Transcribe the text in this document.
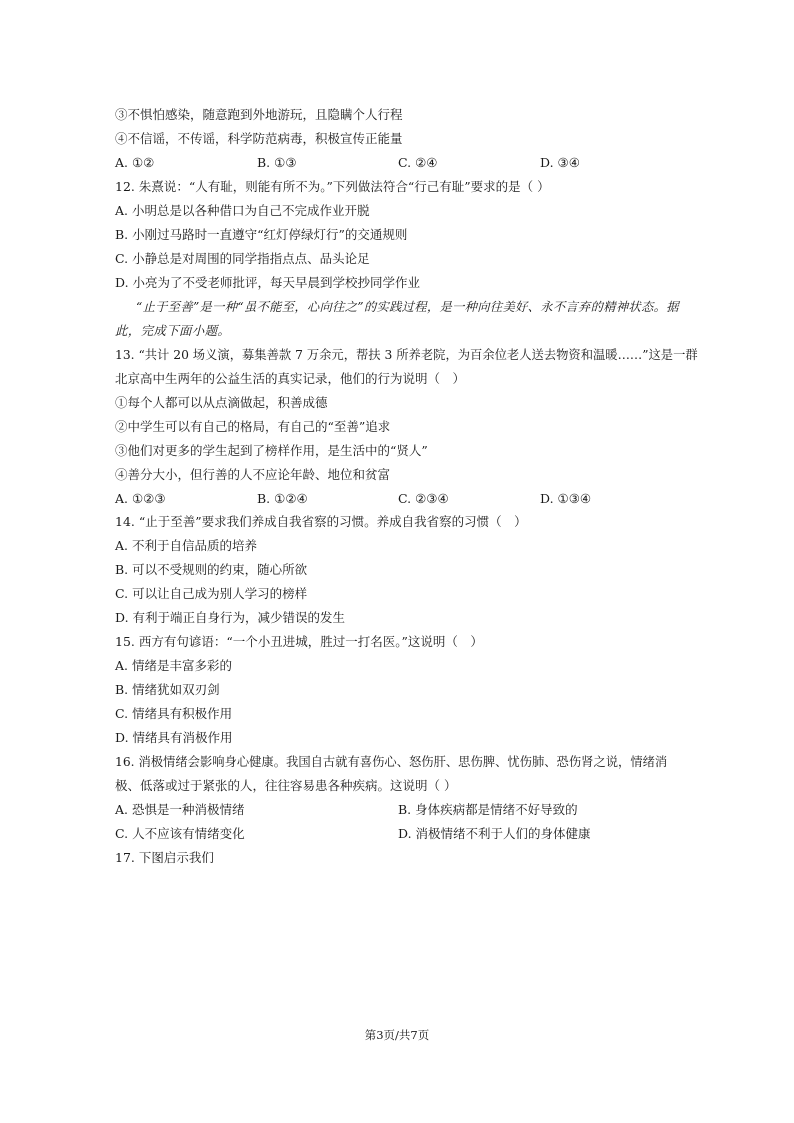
③不惧怕感染，随意跑到外地游玩，且隐瞒个人行程
④不信谣，不传谣，科学防范病毒，积极宣传正能量
A. ①②	B. ①③	C. ②④	D. ③④
12. 朱熹说：“人有耻，则能有所不为。”下列做法符合“行己有耻”要求的是（ ）
A. 小明总是以各种借口为自己不完成作业开脱
B. 小刚过马路时一直遵守“红灯停绿灯行”的交通规则
C. 小静总是对周围的同学指指点点、品头论足
D. 小亮为了不受老师批评，每天早晨到学校抄同学作业
“止于至善”是一种“虽不能至，心向往之”的实践过程，是一种向往美好、永不言弃的精神状态。据
此，完成下面小题。
13. “共计 20 场义演，募集善款 7 万余元，帮扶 3 所养老院，为百余位老人送去物资和温暖……”这是一群
北京高中生两年的公益生活的真实记录，他们的行为说明（　）
①每个人都可以从点滴做起，积善成德
②中学生可以有自己的格局，有自己的“至善”追求
③他们对更多的学生起到了榜样作用，是生活中的“贤人”
④善分大小，但行善的人不应论年龄、地位和贫富
A. ①②③	B. ①②④	C. ②③④	D. ①③④
14. “止于至善”要求我们养成自我省察的习惯。养成自我省察的习惯（　）
A. 不利于自信品质的培养
B. 可以不受规则的约束，随心所欲
C. 可以让自己成为别人学习的榜样
D. 有利于端正自身行为，减少错误的发生
15. 西方有句谚语：“一个小丑进城，胜过一打名医。”这说明（　）
A. 情绪是丰富多彩的
B. 情绪犹如双刃剑
C. 情绪具有积极作用
D. 情绪具有消极作用
16. 消极情绪会影响身心健康。我国自古就有喜伤心、怒伤肝、思伤脾、忧伤肺、恐伤肾之说，情绪消
极、低落或过于紧张的人，往往容易患各种疾病。这说明（ ）
A. 恐惧是一种消极情绪	B. 身体疾病都是情绪不好导致的
C. 人不应该有情绪变化	D. 消极情绪不利于人们的身体健康
17. 下图启示我们
第3页/共7页
